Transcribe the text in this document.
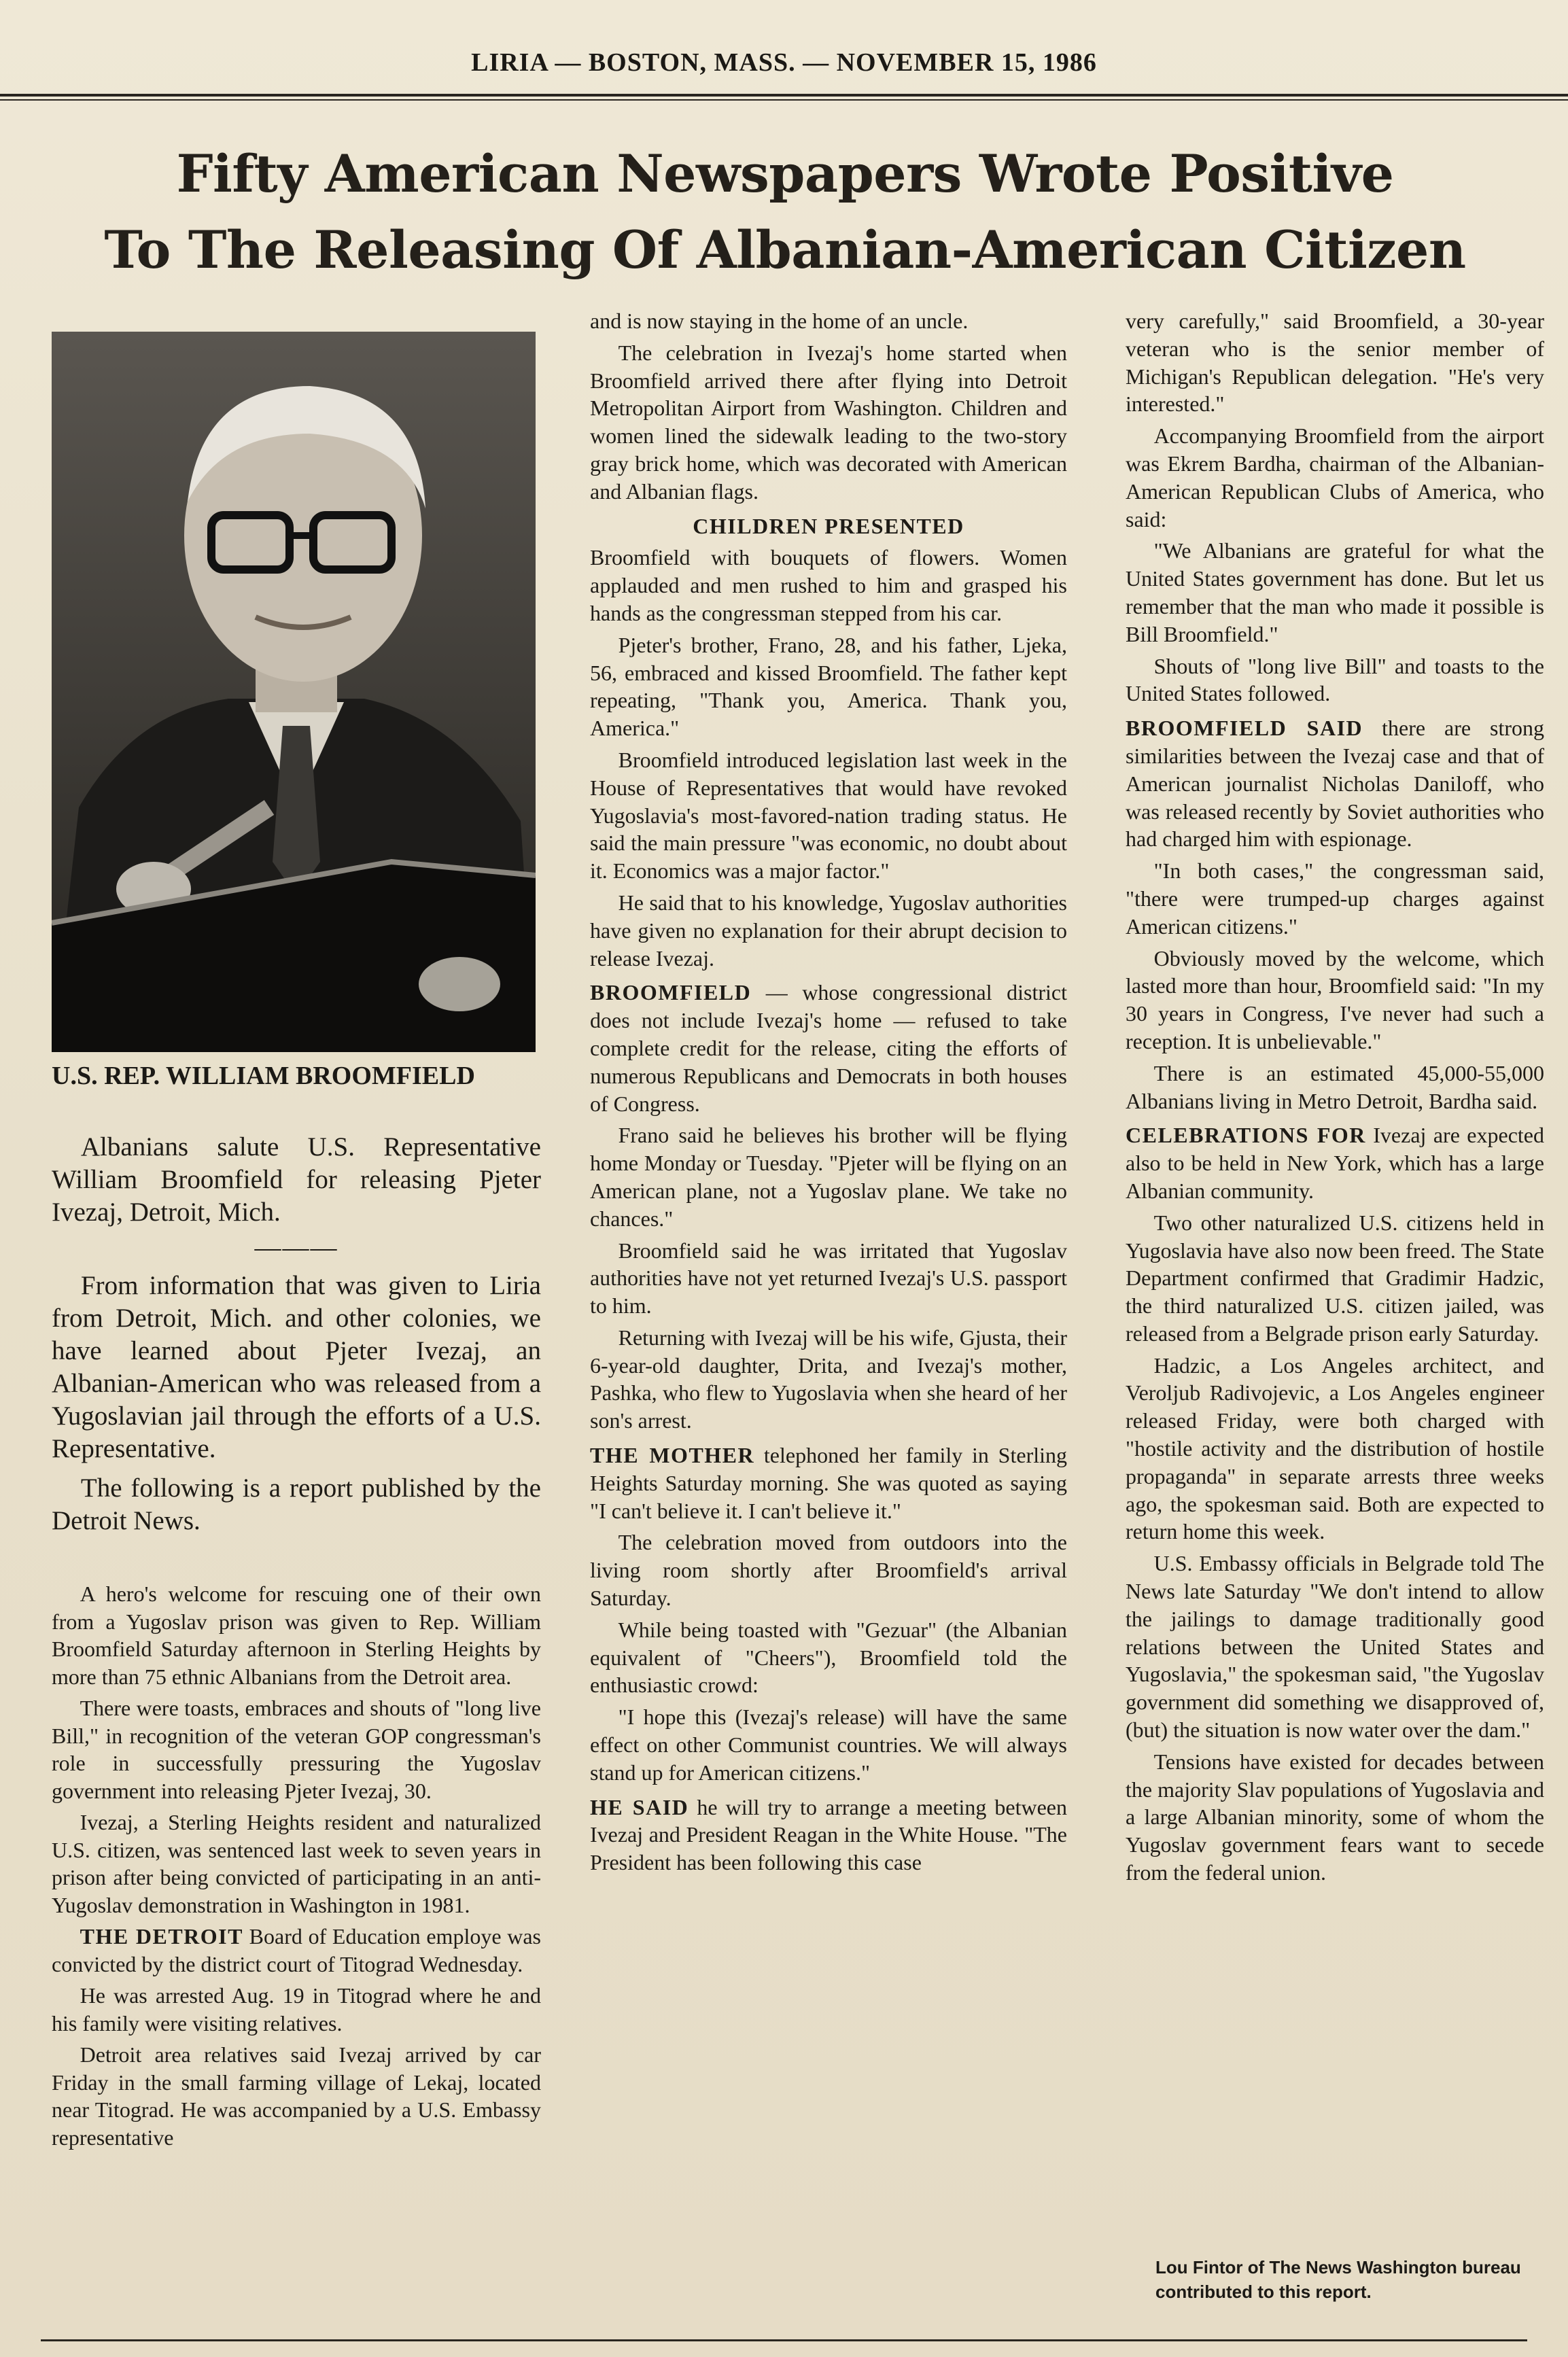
LIRIA — BOSTON, MASS. — NOVEMBER 15, 1986
Fifty American Newspapers Wrote Positive
To The Releasing Of Albanian-American Citizen
U.S. REP. WILLIAM BROOMFIELD

Albanians salute U.S. Representative William Broomfield for releasing Pjeter Ivezaj, Detroit, Mich.

———

From information that was given to Liria from Detroit, Mich. and other colonies, we have learned about Pjeter Ivezaj, an Albanian-American who was released from a Yugoslavian jail through the efforts of a U.S. Representative.

The following is a report published by the Detroit News.

A hero's welcome for rescuing one of their own from a Yugoslav prison was given to Rep. William Broomfield Saturday afternoon in Sterling Heights by more than 75 ethnic Albanians from the Detroit area.

There were toasts, embraces and shouts of "long live Bill," in recognition of the veteran GOP congressman's role in successfully pressuring the Yugoslav government into releasing Pjeter Ivezaj, 30.

Ivezaj, a Sterling Heights resident and naturalized U.S. citizen, was sentenced last week to seven years in prison after being convicted of participating in an anti-Yugoslav demonstration in Washington in 1981.

THE DETROIT Board of Education employe was convicted by the district court of Titograd Wednesday.

He was arrested Aug. 19 in Titograd where he and his family were visiting relatives.

Detroit area relatives said Ivezaj arrived by car Friday in the small farming village of Lekaj, located near Titograd. He was accompanied by a U.S. Embassy representative

and is now staying in the home of an uncle.

The celebration in Ivezaj's home started when Broomfield arrived there after flying into Detroit Metropolitan Airport from Washington. Children and women lined the sidewalk leading to the two-story gray brick home, which was decorated with American and Albanian flags.

CHILDREN PRESENTED

Broomfield with bouquets of flowers. Women applauded and men rushed to him and grasped his hands as the congressman stepped from his car.

Pjeter's brother, Frano, 28, and his father, Ljeka, 56, embraced and kissed Broomfield. The father kept repeating, "Thank you, America. Thank you, America."

Broomfield introduced legislation last week in the House of Representatives that would have revoked Yugoslavia's most-favored-nation trading status. He said the main pressure "was economic, no doubt about it. Economics was a major factor."

He said that to his knowledge, Yugoslav authorities have given no explanation for their abrupt decision to release Ivezaj.

BROOMFIELD — whose congressional district does not include Ivezaj's home — refused to take complete credit for the release, citing the efforts of numerous Republicans and Democrats in both houses of Congress.

Frano said he believes his brother will be flying home Monday or Tuesday. "Pjeter will be flying on an American plane, not a Yugoslav plane. We take no chances."

Broomfield said he was irritated that Yugoslav authorities have not yet returned Ivezaj's U.S. passport to him.

Returning with Ivezaj will be his wife, Gjusta, their 6-year-old daughter, Drita, and Ivezaj's mother, Pashka, who flew to Yugoslavia when she heard of her son's arrest.

THE MOTHER telephoned her family in Sterling Heights Saturday morning. She was quoted as saying "I can't believe it. I can't believe it."

The celebration moved from outdoors into the living room shortly after Broomfield's arrival Saturday.

While being toasted with "Gezuar" (the Albanian equivalent of "Cheers"), Broomfield told the enthusiastic crowd:

"I hope this (Ivezaj's release) will have the same effect on other Communist countries. We will always stand up for American citizens."

HE SAID he will try to arrange a meeting between Ivezaj and President Reagan in the White House. "The President has been following this case

very carefully," said Broomfield, a 30-year veteran who is the senior member of Michigan's Republican delegation. "He's very interested."

Accompanying Broomfield from the airport was Ekrem Bardha, chairman of the Albanian-American Republican Clubs of America, who said:

"We Albanians are grateful for what the United States government has done. But let us remember that the man who made it possible is Bill Broomfield."

Shouts of "long live Bill" and toasts to the United States followed.

BROOMFIELD SAID there are strong similarities between the Ivezaj case and that of American journalist Nicholas Daniloff, who was released recently by Soviet authorities who had charged him with espionage.

"In both cases," the congressman said, "there were trumped-up charges against American citizens."

Obviously moved by the welcome, which lasted more than hour, Broomfield said: "In my 30 years in Congress, I've never had such a reception. It is unbelievable."

There is an estimated 45,000-55,000 Albanians living in Metro Detroit, Bardha said.

CELEBRATIONS FOR Ivezaj are expected also to be held in New York, which has a large Albanian community.

Two other naturalized U.S. citizens held in Yugoslavia have also now been freed. The State Department confirmed that Gradimir Hadzic, the third naturalized U.S. citizen jailed, was released from a Belgrade prison early Saturday.

Hadzic, a Los Angeles architect, and Veroljub Radivojevic, a Los Angeles engineer released Friday, were both charged with "hostile activity and the distribution of hostile propaganda" in separate arrests three weeks ago, the spokesman said. Both are expected to return home this week.

U.S. Embassy officials in Belgrade told The News late Saturday "We don't intend to allow the jailings to damage traditionally good relations between the United States and Yugoslavia," the spokesman said, "the Yugoslav government did something we disapproved of, (but) the situation is now water over the dam."

Tensions have existed for decades between the majority Slav populations of Yugoslavia and a large Albanian minority, some of whom the Yugoslav government fears want to secede from the federal union.

Lou Fintor of The News Washington bureau contributed to this report.
